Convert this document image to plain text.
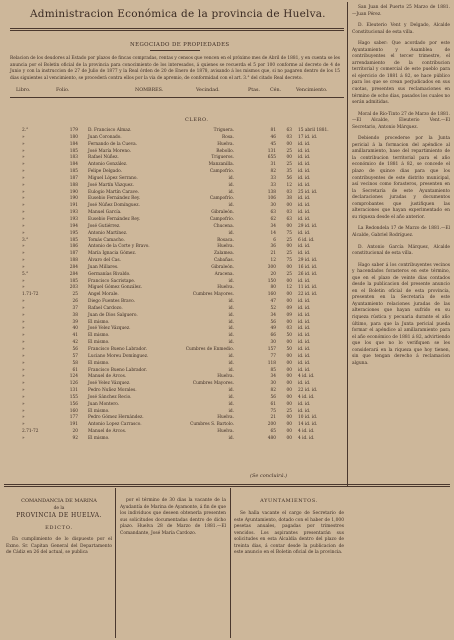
Administracion Económica de la provincia de Huelva.
NEGOCIADO DE PROPIEDADES
Relacion de los deudores al Estado por plazos de fincas compradas, rentas y censos que vencen en el próximo mes de Abril de 1881, y en cuenta se les anuncia por el Boletin oficial de la provincia para conocimiento de los interesados, á quienes se recuerda el 5 por 100 conforme al decreto de 4 de Junio y con la instruccion de 27 de Julio de 1877 y la Real órden de 20 de Enero de 1878, avisando á los mismos que, si no pagaren dentro de los 15 dias siguientes al vencimiento, se procederá contra ellos por la via de apremio, de conformidad con el art. 3.° del citado Real decreto.
Libro.	Folio.	NOMBRES.	Vecindad.	Ptas. Cén.	Vencimiento.
CLERO.
2.°	179 D. Francisco Almaz.	Triguera.	81	63 15 abril 1881.
»	180 Juan Coronado.	Rosa.	46	03 17 id. id.
»	184 Fernando de la Cueva.	Huelva.	45	00 id. id.
»	185 José María Moreno.	Rebollo.	131	25 id. id.
»	183 Rafael Núñez.	Trigueros.	655	00 id. id.
»	184 Antonio González.	Manzanilla.	31	25 id. id.
»	185 Felipe Delgado.	Campofrío.	82	35 id. id.
»	187 Miguel López Serrano.	id.	33	56 id. id.
»	188 José Martín Vázquez.	id.	33	12 id. id.
»	190 Eulogio Martín Carave.	id.	138	03 25 id. id.
»	190 Eusebio Fernández Rey.	Campofrío.	106	38 id. id.
»	191 José Núñez Domínguez.	id.	30	00 id. id.
»	193 Manuel García.	Gibraleón.	63	03 id. id.
»	193 Eusebio Fernández Rey.	Campofrío.	62	63 id. id.
»	194 José Gutiérrez.	Chucena.	34	00 29 id. id.
»	195 Antonio Martínez.	id.	14	75 id. id.
3.°	185 Tomás Camacho.	Rosaca.	6	25 6 id. id.
»	186 Antonio de la Corte y Bravo.	Huelva.	36	00 id. id.
»	187 María Ignacia Gómez.	Zalamea.	21	25 id. id.
»	188 Álvaro del Cas.	Cabañas.	12	75 29 id. id.
»	284 Juan Millares.	Gibraleón.	300	00 16 id. id.
5.°	284 Germanías Rivaldo.	Aracena.	20	25 26 id. id.
»	185 Francisco Sacristape.	id.	150	00 id. id.
»	203 Miguel Gómez González.	Huelva.	80	12 11 id. id.
1.71-72	25 Angel Morale.	Cumbres Mayores.	160	00 22 id. id.
»	26 Diego Fuentes Bravo.	id.	47	00 id. id.
»	37 Rafael Cardozo.	id.	52	09 id. id.
»	38 Juan de Dios Salguero.	id.	34	09 id. id.
»	39 El mismo.	id.	56	00 id. id.
»	40 José Velez Vázquez.	id.	49	03 id. id.
»	41 El mismo.	id.	66	50 id. id.
»	42 El mismo.	id.	30	00 id. id.
»	56 Francisco Bueno Labrador.	Cumbres de Enmedio.	157	50 id. id.
»	57 Luciano Moreu Domínguez.	id.	77	00 id. id.
»	58 El mismo.	id.	118	00 id. id.
»	61 Francisco Bueno Labrador.	id.	85	00 id. id.
»	124 Manuel de Arcos.	Huelva.	34	00 4 id. id.
»	126 José Velez Vázquez.	Cumbres Mayores.	30	00 id. id.
»	131 Pedro Nuñez Morales.	id.	82	00 22 id. id.
»	155 José Sánchez Recio.	id.	56	00 4 id. id.
»	156 Juan Montero.	id.	61	00 id. id.
»	160 El mismo.	id.	75	25 id. id.
»	177 Pedro Gómez Hernández.	Huelva.	21	00 10 id. id.
»	191 Antonio Lopez Carrasco.	Cumbres S. Bartolo.	200	00 14 id. id.
2.71-72	20 Manuel de Arcos.	Huelva.	65	00 4 id. id.
»	92 El mismo.	id.	480	00 4 id. id.
(Se concluirá.)

San Juan del Puerto 25 Marzo de 1881.—Juan Pérez.

D. Eleuterio Vent y Delgado, Alcalde Constitucional de esta villa.

Hago saber: Que acordado por este Ayuntamiento y Asamblea de contribuyentes el tercer trimestre, el arrendamiento de la contribucion territorial y comercial de este pueblo para el ejercicio de 1881 á 82, se hace público para los que se crean perjudicados en sus cuotas, presenten sus reclamaciones en término de ocho dias, pasados los cuales no serán admitidas.

Moral de Río-Tinto 27 de Marzo de 1881.—El Alcalde, Eleuterio Vent.—El Secretario, Antonio Márquez.

Debiendo procederse por la Junta pericial á la formacion del apéndice al amillaramiento, base del repartimiento de la contribucion territorial para el año económico de 1881 á 82, se concede el plazo de quince dias para que los contribuyentes de este distrito municipal, así vecinos como forasteros, presenten en la Secretaría de este Ayuntamiento declaraciones juradas y documentos comprobantes que justifiquen las alteraciones que hayan experimentado en su riqueza desde el año anterior.

La Redondela 17 de Marzo de 1881.—El Alcalde, Gabriel Rodríguez.

D. Antonio García Márquez, Alcalde constitucional de esta villa.

Hago saber á los contribuyentes vecinos y hacendados forasteros en este término, que en el plazo de veinte dias contados desde la publicacion del presente anuncio en el Boletin oficial de esta provincia, presenten en la Secretaría de este Ayuntamiento relaciones juradas de las alteraciones que hayan sufrido en su riqueza rústica y pecuaria durante el año último, para que la Junta pericial pueda formar el apéndice al amillaramiento para el año económico de 1881 á 82, advirtiendo que los que no lo verifiquen se les considerará en la riqueza que hoy tienen, sin que tengan derecho á reclamacion alguna.

COMANDANCIA DE MARINA
de la
PROVINCIA DE HUELVA.
EDICTO.

En cumplimiento de lo dispuesto por el Exmo. Sr. Capitan General del Departamento de Cádiz en 26 del actual, se publica

por el término de 30 dias la vacante de la Ayudantía de Marina de Ayamonte, á fin de que los individuos que deseen obtenerla presenten sus solicitudes documentadas dentro de dicho plazo. Huelva 28 de Marzo de 1881.—El Comandante, José María Cardozo.

AYUNTAMIENTOS.

Se halla vacante el cargo de Secretario de este Ayuntamiento, dotado con el haber de 1,000 pesetas anuales, pagadas por trimestres vencidos. Los aspirantes presentarán sus solicitudes en esta Alcaldía dentro del plazo de treinta dias, á contar desde la publicacion de este anuncio en el Boletin oficial de la provincia.
